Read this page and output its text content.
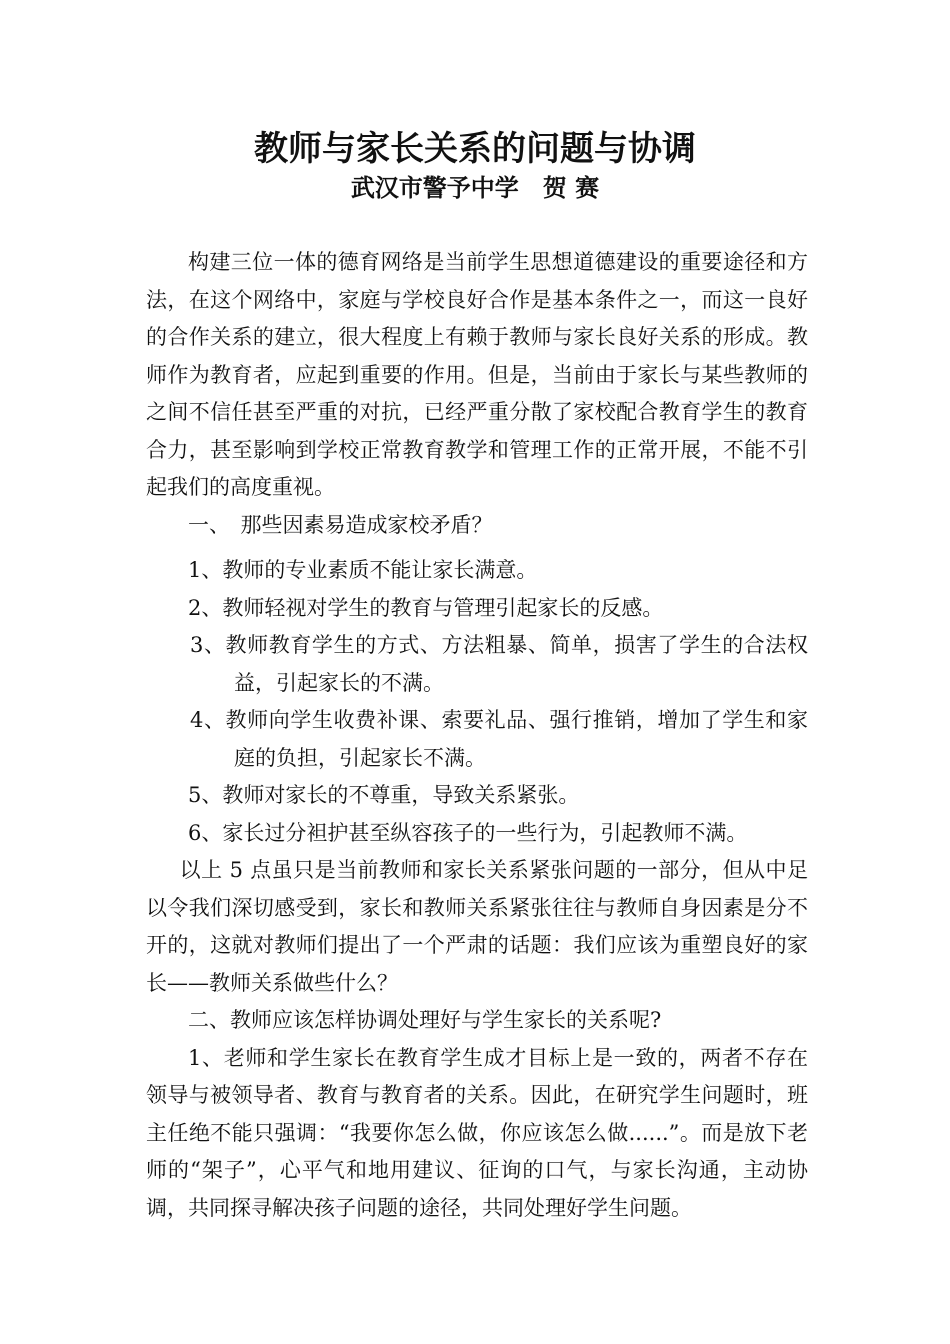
教师与家长关系的问题与协调
武汉市警予中学　贺 赛

构建三位一体的德育网络是当前学生思想道德建设的重要途径和方法，在这个网络中，家庭与学校良好合作是基本条件之一，而这一良好的合作关系的建立，很大程度上有赖于教师与家长良好关系的形成。教师作为教育者，应起到重要的作用。但是，当前由于家长与某些教师的之间不信任甚至严重的对抗，已经严重分散了家校配合教育学生的教育合力，甚至影响到学校正常教育教学和管理工作的正常开展，不能不引起我们的高度重视。

一、　那些因素易造成家校矛盾？

1、教师的专业素质不能让家长满意。

2、教师轻视对学生的教育与管理引起家长的反感。

3、教师教育学生的方式、方法粗暴、简单，损害了学生的合法权益，引起家长的不满。

4、教师向学生收费补课、索要礼品、强行推销，增加了学生和家庭的负担，引起家长不满。

5、教师对家长的不尊重，导致关系紧张。

6、家长过分袒护甚至纵容孩子的一些行为，引起教师不满。

以上 5 点虽只是当前教师和家长关系紧张问题的一部分，但从中足以令我们深切感受到，家长和教师关系紧张往往与教师自身因素是分不开的，这就对教师们提出了一个严肃的话题：我们应该为重塑良好的家长——教师关系做些什么？

二、教师应该怎样协调处理好与学生家长的关系呢?

1、老师和学生家长在教育学生成才目标上是一致的，两者不存在领导与被领导者、教育与教育者的关系。因此，在研究学生问题时，班主任绝不能只强调：“我要你怎么做，你应该怎么做......”。而是放下老师的“架子”，心平气和地用建议、征询的口气，与家长沟通，主动协调，共同探寻解决孩子问题的途径，共同处理好学生问题。
